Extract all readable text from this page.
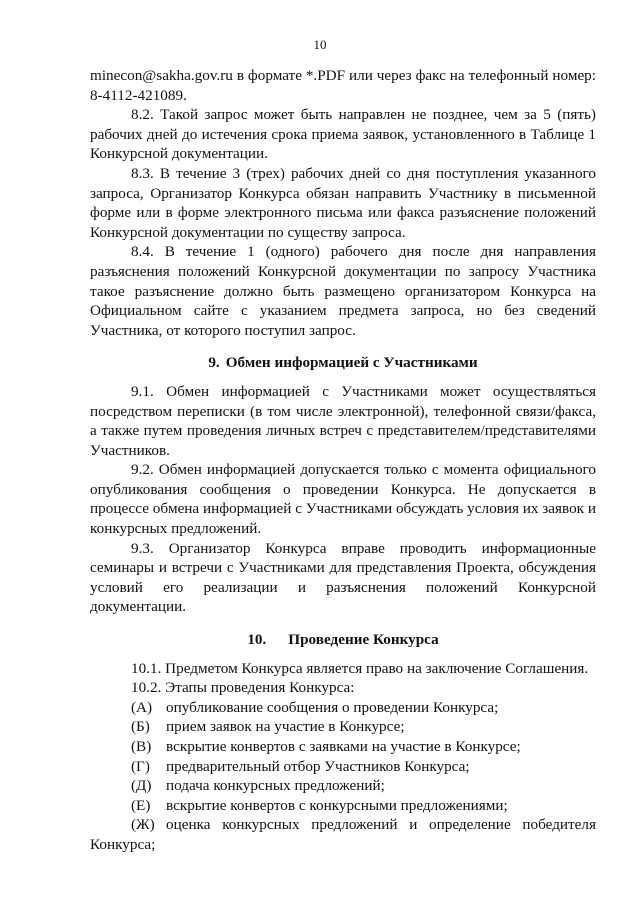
10

minecon@sakha.gov.ru в формате *.PDF или через факс на телефонный номер: 8-4112-421089.

8.2. Такой запрос может быть направлен не позднее, чем за 5 (пять) рабочих дней до истечения срока приема заявок, установленного в Таблице 1 Конкурсной документации.

8.3. В течение 3 (трех) рабочих дней со дня поступления указанного запроса, Организатор Конкурса обязан направить Участнику в письменной форме или в форме электронного письма или факса разъяснение положений Конкурсной документации по существу запроса.

8.4. В течение 1 (одного) рабочего дня после дня направления разъяснения положений Конкурсной документации по запросу Участника такое разъяснение должно быть размещено организатором Конкурса на Официальном сайте с указанием предмета запроса, но без сведений Участника, от которого поступил запрос.

9. Обмен информацией с Участниками

9.1. Обмен информацией с Участниками может осуществляться посредством переписки (в том числе электронной), телефонной связи/факса, а также путем проведения личных встреч с представителем/представителями Участников.

9.2. Обмен информацией допускается только с момента официального опубликования сообщения о проведении Конкурса. Не допускается в процессе обмена информацией с Участниками обсуждать условия их заявок и конкурсных предложений.

9.3. Организатор Конкурса вправе проводить информационные семинары и встречи с Участниками для представления Проекта, обсуждения условий его реализации и разъяснения положений Конкурсной документации.

10. Проведение Конкурса

10.1. Предметом Конкурса является право на заключение Соглашения.

10.2. Этапы проведения Конкурса:

(А) опубликование сообщения о проведении Конкурса;
(Б)	прием заявок на участие в Конкурсе;
(В) вскрытие конвертов с заявками на участие в Конкурсе;
(Г)	предварительный отбор Участников Конкурса;
(Д) подача конкурсных предложений;
(Е)	вскрытие конвертов с конкурсными предложениями;
(Ж) оценка конкурсных предложений и определение победителя
Конкурса;
